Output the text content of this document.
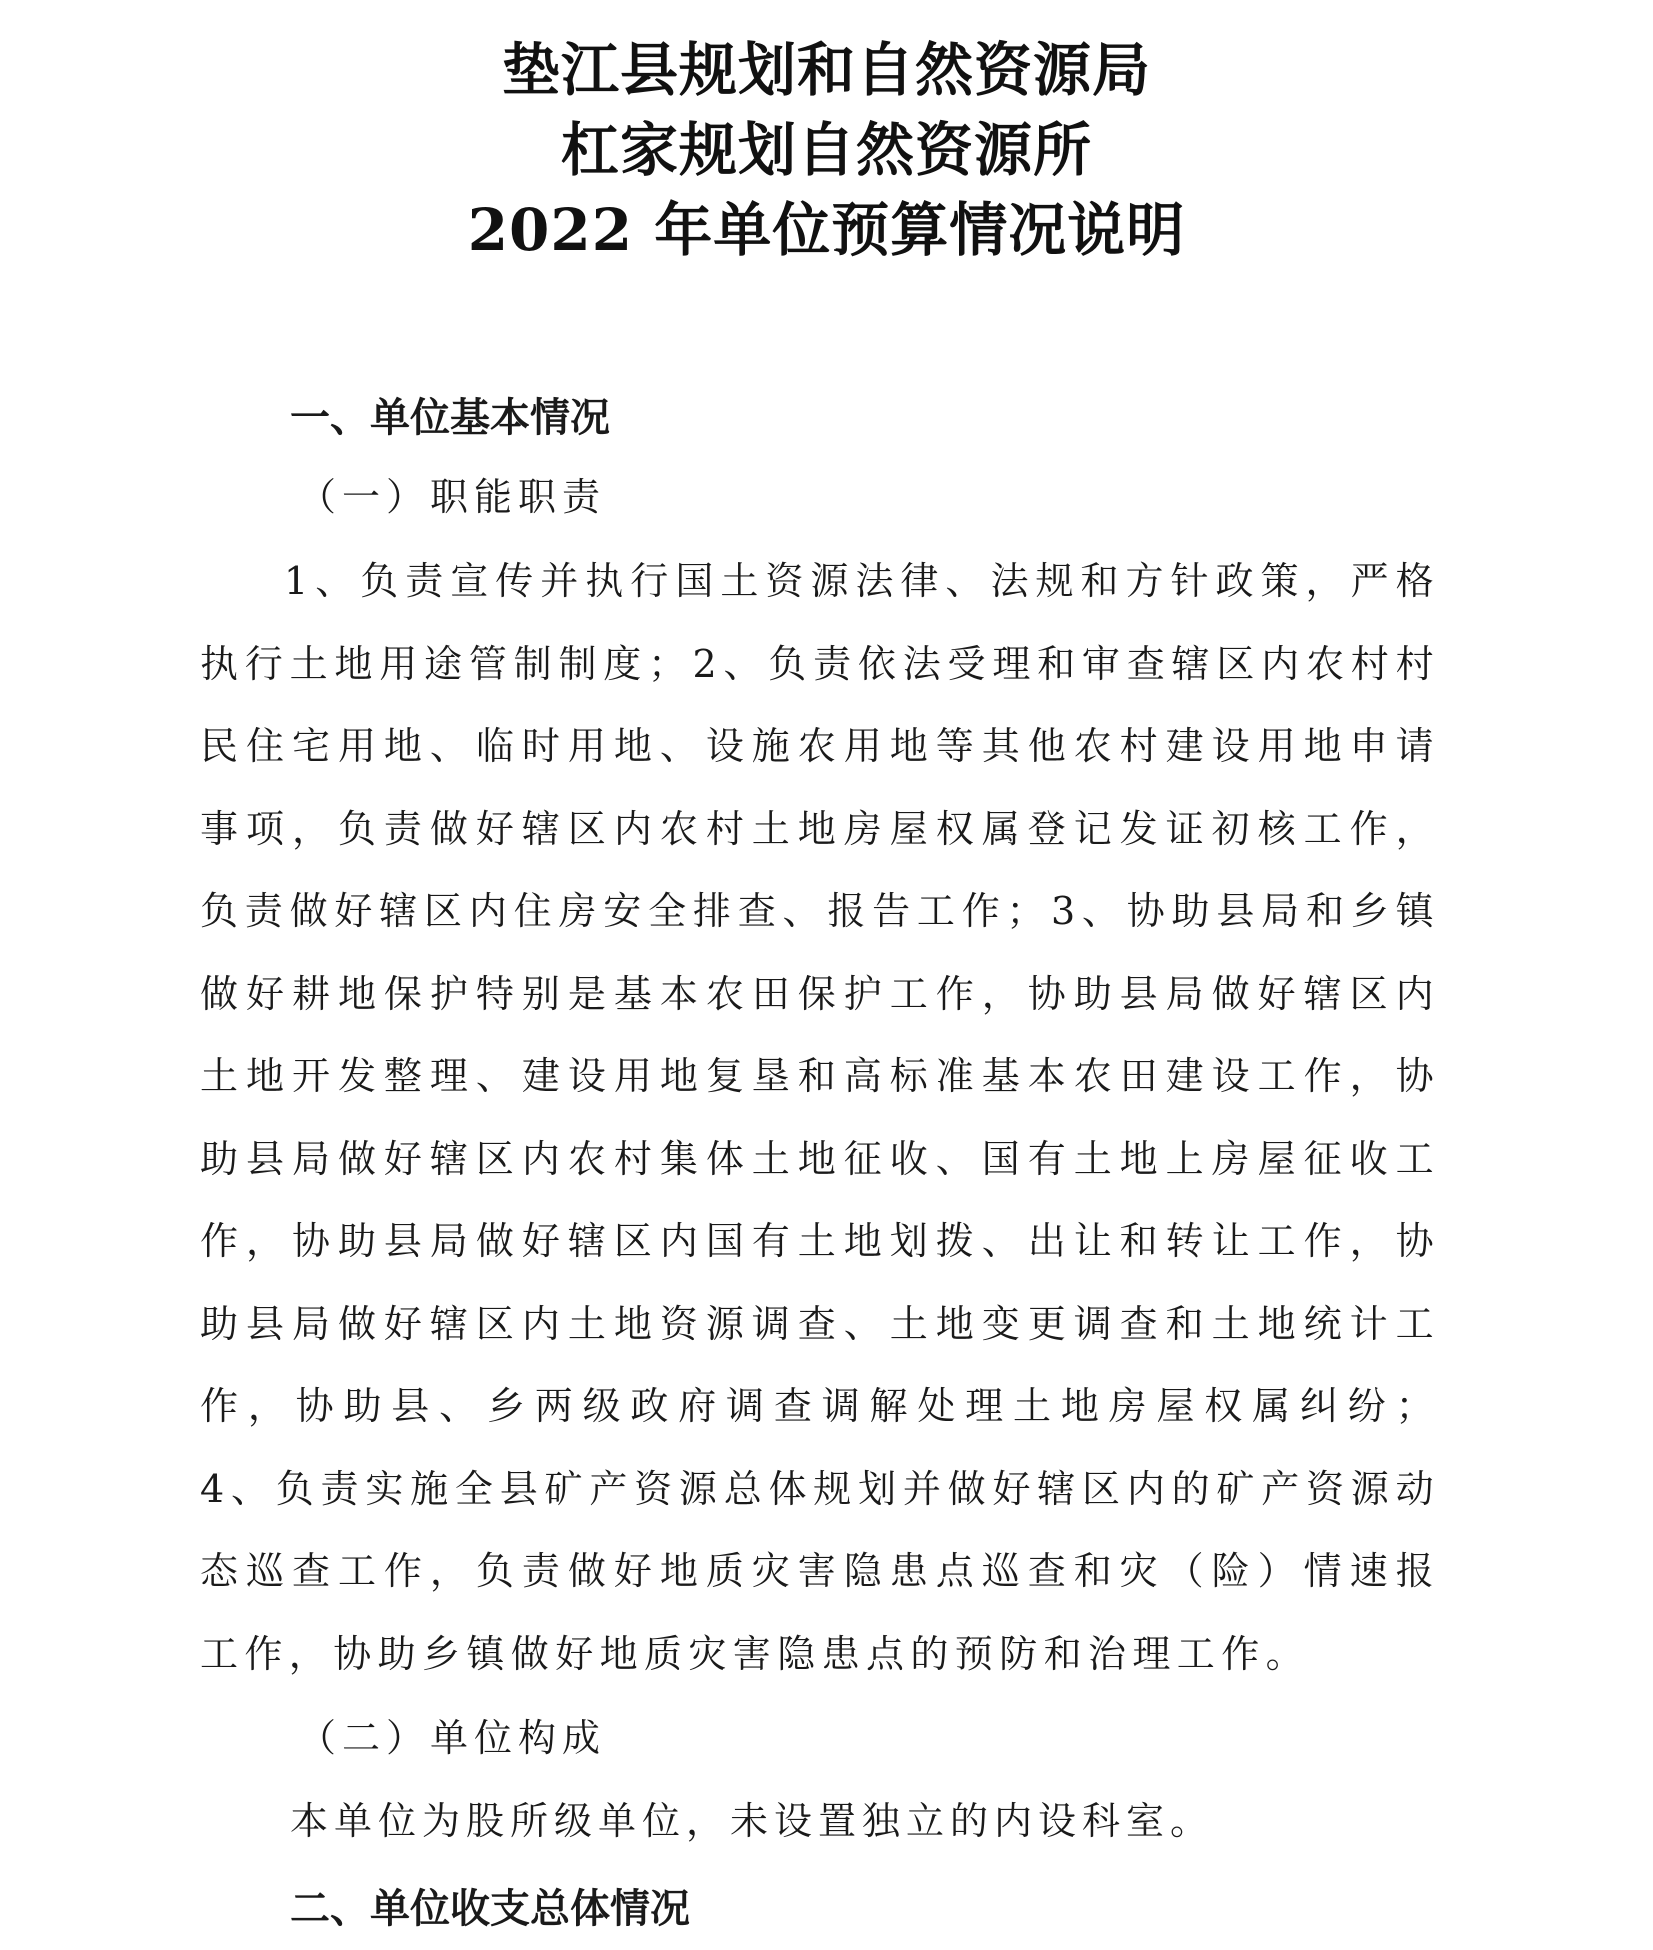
垫江县规划和自然资源局
杠家规划自然资源所
2022 年单位预算情况说明
一、单位基本情况
（一）职能职责

1、负责宣传并执行国土资源法律、法规和方针政策，严格执行土地用途管制制度；2、负责依法受理和审查辖区内农村村民住宅用地、临时用地、设施农用地等其他农村建设用地申请事项，负责做好辖区内农村土地房屋权属登记发证初核工作，负责做好辖区内住房安全排查、报告工作；3、协助县局和乡镇做好耕地保护特别是基本农田保护工作，协助县局做好辖区内土地开发整理、建设用地复垦和高标准基本农田建设工作，协助县局做好辖区内农村集体土地征收、国有土地上房屋征收工作，协助县局做好辖区内国有土地划拨、出让和转让工作，协助县局做好辖区内土地资源调查、土地变更调查和土地统计工作，协助县、乡两级政府调查调解处理土地房屋权属纠纷； 4、负责实施全县矿产资源总体规划并做好辖区内的矿产资源动态巡查工作，负责做好地质灾害隐患点巡查和灾（险）情速报工作，协助乡镇做好地质灾害隐患点的预防和治理工作。

（二）单位构成
本单位为股所级单位，未设置独立的内设科室。
二、单位收支总体情况
